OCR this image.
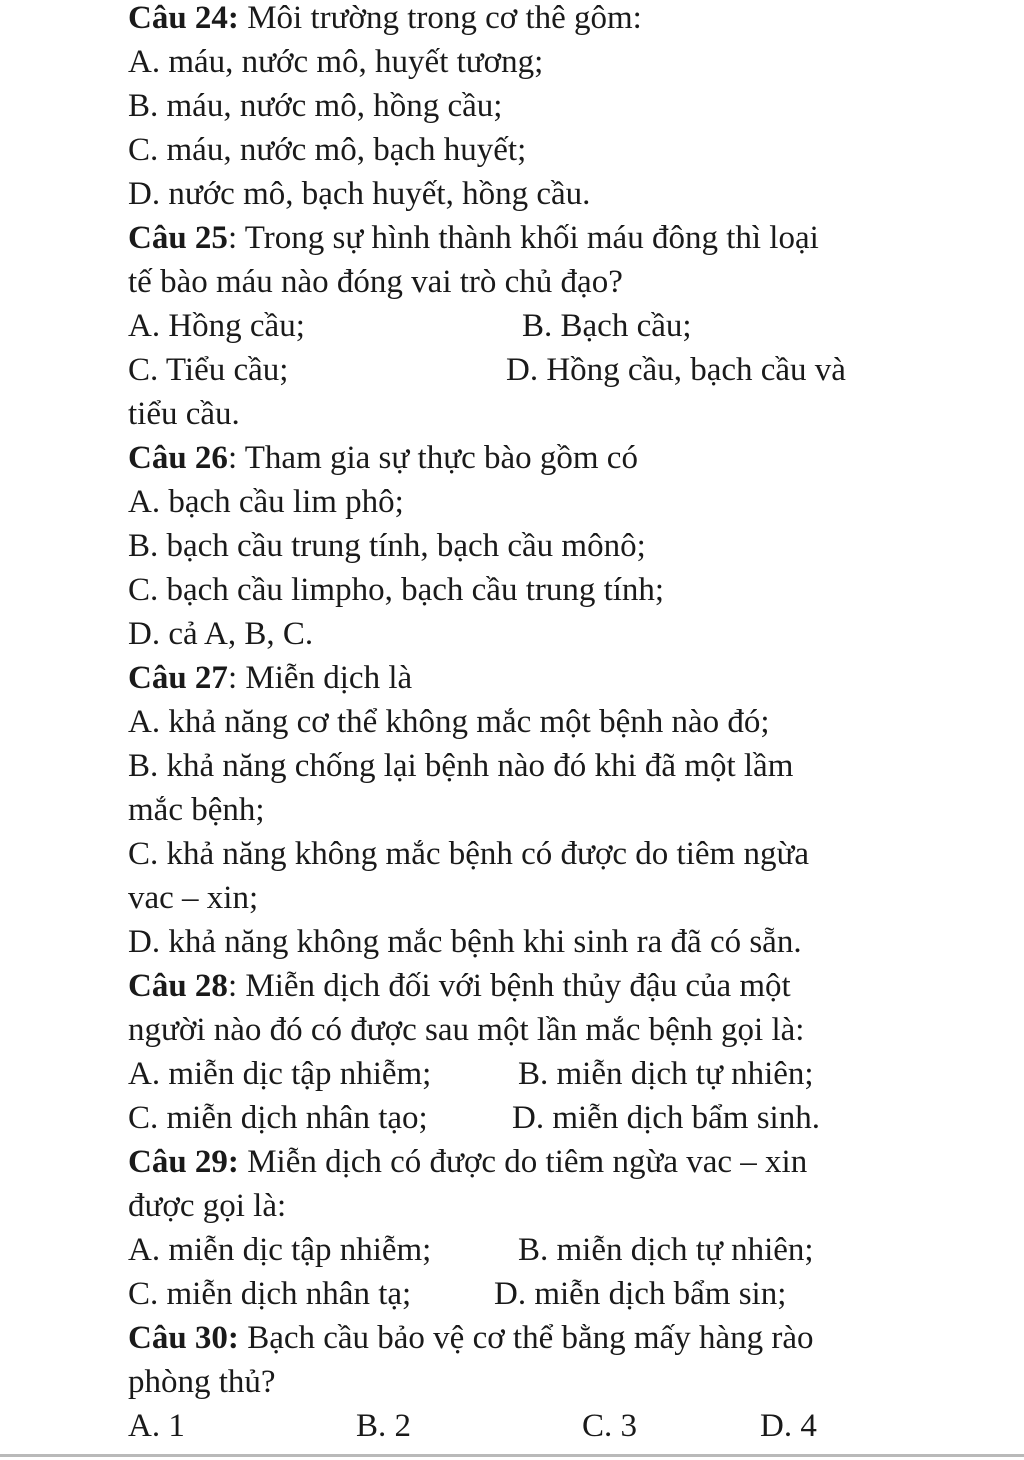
Câu 24: Môi trường trong cơ thê gôm:
A. máu, nước mô, huyết tương;
B. máu, nước mô, hồng cầu;
C. máu, nước mô, bạch huyết;
D. nước mô, bạch huyết, hồng cầu.
Câu 25: Trong sự hình thành khối máu đông thì loại
tế bào máu nào đóng vai trò chủ đạo?
A. Hồng cầu;	B. Bạch cầu;
C. Tiểu cầu;	D. Hồng cầu, bạch cầu và
tiểu cầu.
Câu 26: Tham gia sự thực bào gồm có
A. bạch cầu lim phô;
B. bạch cầu trung tính, bạch cầu mônô;
C. bạch cầu limpho, bạch cầu trung tính;
D. cả A, B, C.
Câu 27: Miễn dịch là
A. khả năng cơ thể không mắc một bệnh nào đó;
B. khả năng chống lại bệnh nào đó khi đã một lầm
mắc bệnh;
C. khả năng không mắc bệnh có được do tiêm ngừa
vac – xin;
D. khả năng không mắc bệnh khi sinh ra đã có sẵn.
Câu 28: Miễn dịch đối với bệnh thủy đậu của một
người nào đó có được sau một lần mắc bệnh gọi là:
A. miễn dịc tập nhiễm;	B. miễn dịch tự nhiên;
C. miễn dịch nhân tạo;	D. miễn dịch bẩm sinh.
Câu 29: Miễn dịch có được do tiêm ngừa vac – xin
được gọi là:
A. miễn dịc tập nhiễm;	B. miễn dịch tự nhiên;
C. miễn dịch nhân tạ;	D. miễn dịch bẩm sin;
Câu 30: Bạch cầu bảo vệ cơ thể bằng mấy hàng rào
phòng thủ?
A. 1	B. 2	C. 3	D. 4
